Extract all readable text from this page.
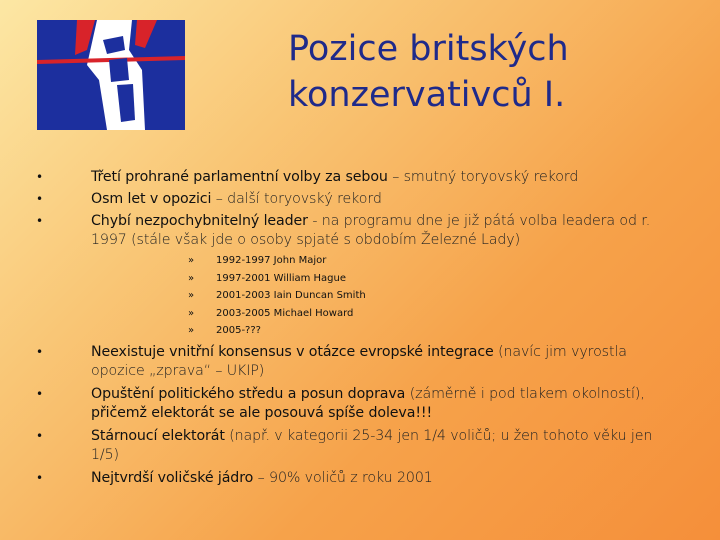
Pozice britských
konzervativců I.
•	Třetí prohrané parlamentní volby za sebou – smutný toryovský rekord
•	Osm let v opozici – další toryovský rekord
•	Chybí nezpochybnitelný leader - na programu dne je již pátá volba leadera od r. 1997 (stále však jde o osoby spjaté s obdobím Železné Lady)
» 1992-1997 John Major
» 1997-2001 William Hague
» 2001-2003 Iain Duncan Smith
» 2003-2005 Michael Howard
» 2005-???
•	Neexistuje vnitřní konsensus v otázce evropské integrace (navíc jim vyrostla opozice „zprava“ – UKIP)
•	Opuštění politického středu a posun doprava (záměrně i pod tlakem okolností), přičemž elektorát se ale posouvá spíše doleva!!!
•	Stárnoucí elektorát (např. v kategorii 25-34 jen 1/4 voličů; u žen tohoto věku jen 1/5)
•	Nejtvrdší voličské jádro – 90% voličů z roku 2001
